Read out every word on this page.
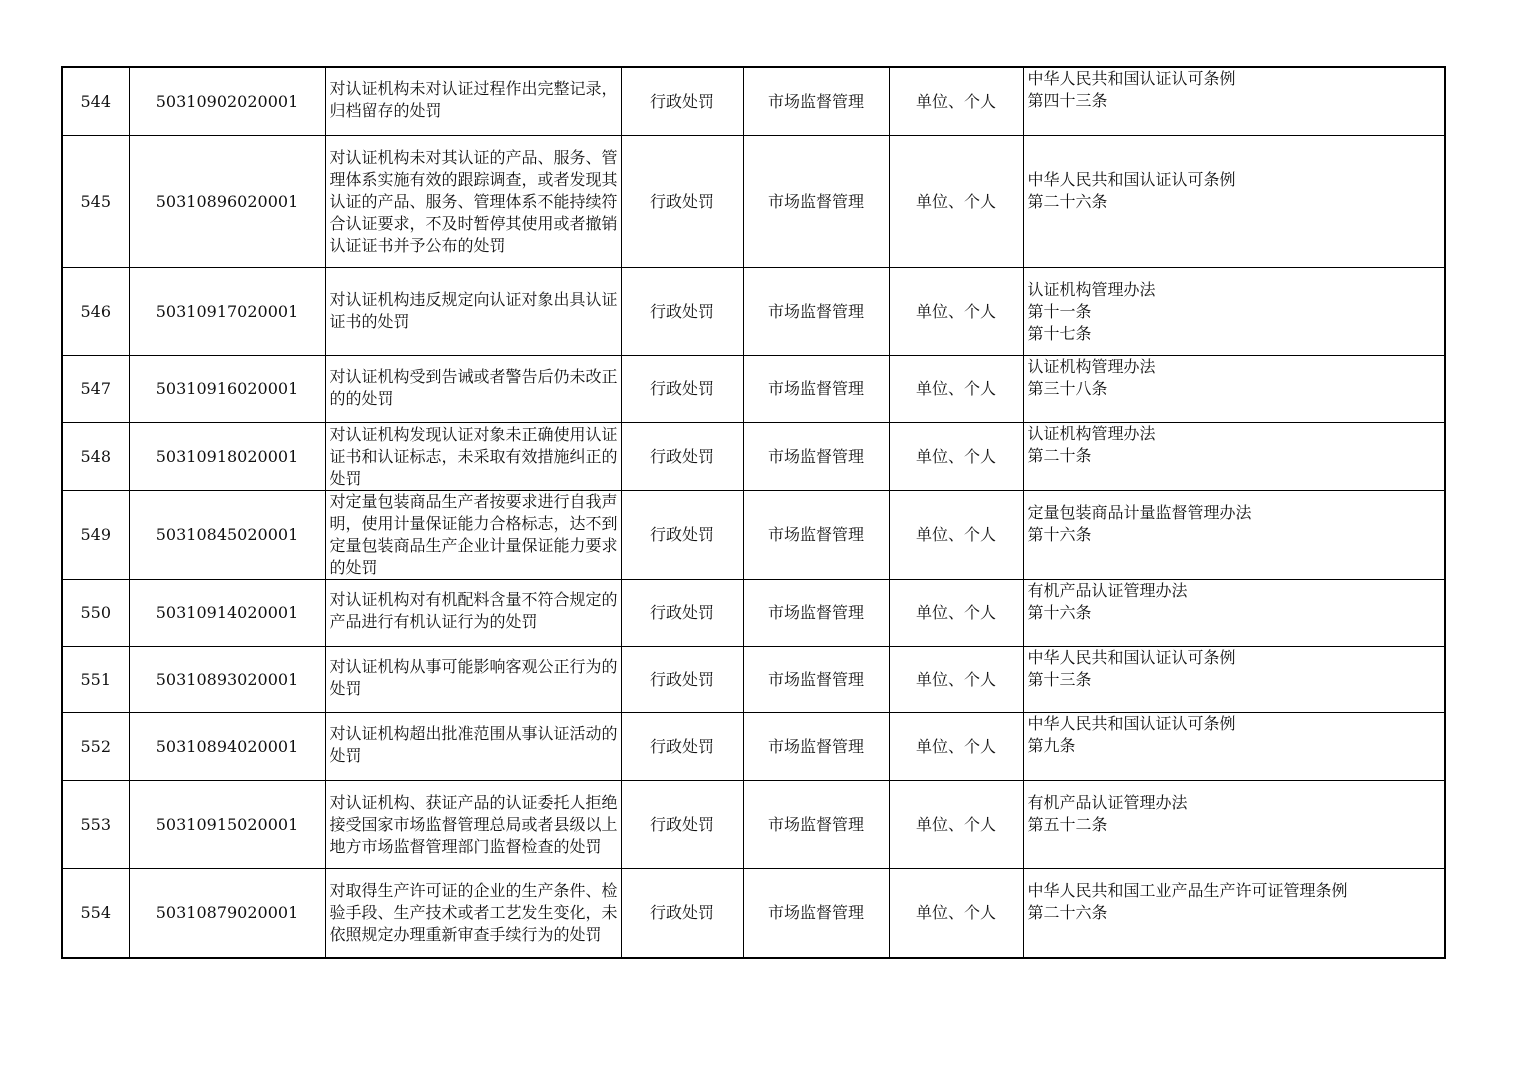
544	50310902020001	对认证机构未对认证过程作出完整记录，归档留存的处罚	行政处罚	市场监督管理	单位、个人	中华人民共和国认证认可条例
第四十三条

545	50310896020001	对认证机构未对其认证的产品、服务、管理体系实施有效的跟踪调查，或者发现其认证的产品、服务、管理体系不能持续符合认证要求，不及时暂停其使用或者撤销认证证书并予公布的处罚	行政处罚	市场监督管理	单位、个人	中华人民共和国认证认可条例
第二十六条

546	50310917020001	对认证机构违反规定向认证对象出具认证证书的处罚	行政处罚	市场监督管理	单位、个人	认证机构管理办法
第十一条
第十七条

547	50310916020001	对认证机构受到告诫或者警告后仍未改正的的处罚	行政处罚	市场监督管理	单位、个人	认证机构管理办法
第三十八条

548	50310918020001	对认证机构发现认证对象未正确使用认证证书和认证标志，未采取有效措施纠正的处罚	行政处罚	市场监督管理	单位、个人	认证机构管理办法
第二十条

549	50310845020001	对定量包装商品生产者按要求进行自我声明，使用计量保证能力合格标志，达不到定量包装商品生产企业计量保证能力要求的处罚	行政处罚	市场监督管理	单位、个人	定量包装商品计量监督管理办法
第十六条

550	50310914020001	对认证机构对有机配料含量不符合规定的产品进行有机认证行为的处罚	行政处罚	市场监督管理	单位、个人	有机产品认证管理办法
第十六条

551	50310893020001	对认证机构从事可能影响客观公正行为的处罚	行政处罚	市场监督管理	单位、个人	中华人民共和国认证认可条例
第十三条

552	50310894020001	对认证机构超出批准范围从事认证活动的处罚	行政处罚	市场监督管理	单位、个人	中华人民共和国认证认可条例
第九条

553	50310915020001	对认证机构、获证产品的认证委托人拒绝接受国家市场监督管理总局或者县级以上地方市场监督管理部门监督检查的处罚	行政处罚	市场监督管理	单位、个人	有机产品认证管理办法
第五十二条

554	50310879020001	对取得生产许可证的企业的生产条件、检验手段、生产技术或者工艺发生变化，未依照规定办理重新审查手续行为的处罚	行政处罚	市场监督管理	单位、个人	中华人民共和国工业产品生产许可证管理条例
第二十六条
